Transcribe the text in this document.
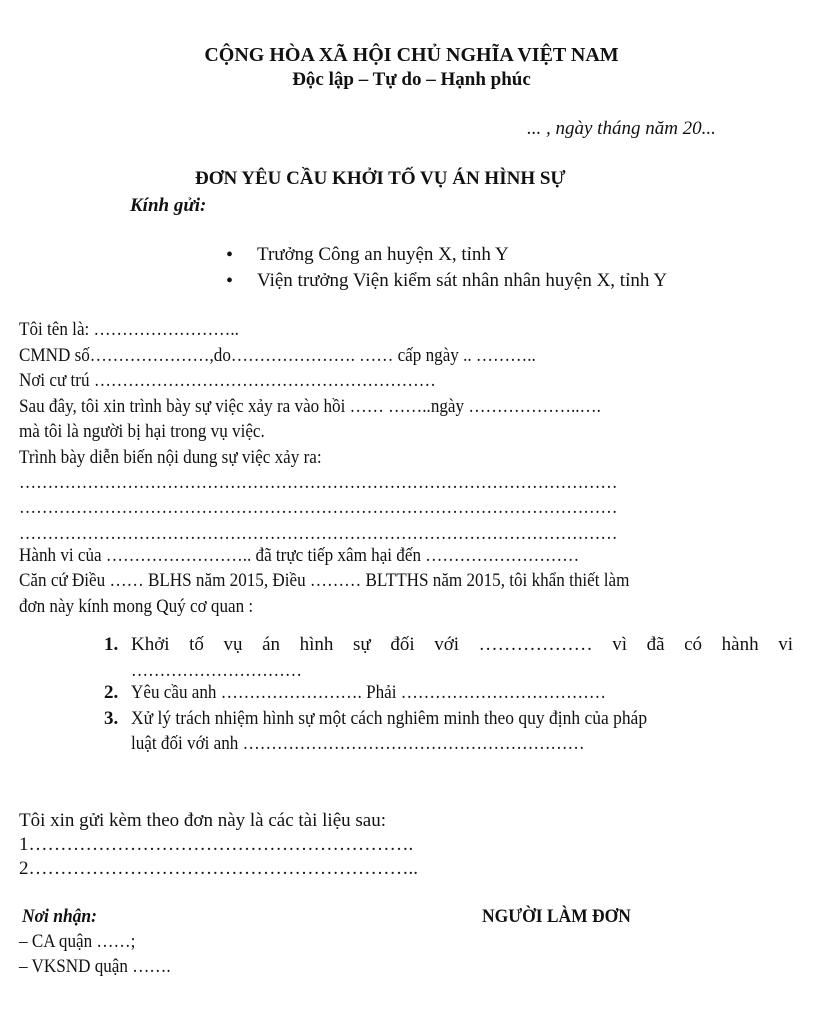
CỘNG HÒA XÃ HỘI CHỦ NGHĨA VIỆT NAM
Độc lập – Tự do – Hạnh phúc
... , ngày tháng năm 20...
ĐƠN YÊU CẦU KHỞI TỐ VỤ ÁN HÌNH SỰ
Kính gửi:
• Trưởng Công an huyện X, tỉnh Y
• Viện trưởng Viện kiểm sát nhân nhân huyện X, tỉnh Y
Tôi tên là: ……………………..
CMND số…………………,do…………………. …… cấp ngày .. ………..
Nơi cư trú ……………………………………………………
Sau đây, tôi xin trình bày sự việc xảy ra vào hồi …… ……..ngày ………………..….
mà tôi là người bị hại trong vụ việc.
Trình bày diễn biến nội dung sự việc xảy ra:
……………………………………………………………………………………………
……………………………………………………………………………………………
……………………………………………………………………………………………
Hành vi của …………………….. đã trực tiếp xâm hại đến ………………………
Căn cứ Điều …… BLHS năm 2015, Điều ……… BLTTHS năm 2015, tôi khẩn thiết làm
đơn này kính mong Quý cơ quan :
1. Khởi tố vụ án hình sự đối với ……………… vì đã có hành vi
…………………………
2. Yêu cầu anh ……………………. Phải ………………………………
3. Xử lý trách nhiệm hình sự một cách nghiêm minh theo quy định của pháp
luật đối với anh ……………………………………………………
Tôi xin gửi kèm theo đơn này là các tài liệu sau:
1…………………………………………………….
2……………………………………………………..
Nơi nhận:	NGƯỜI LÀM ĐƠN
– CA quận ……;
– VKSND quận …….
